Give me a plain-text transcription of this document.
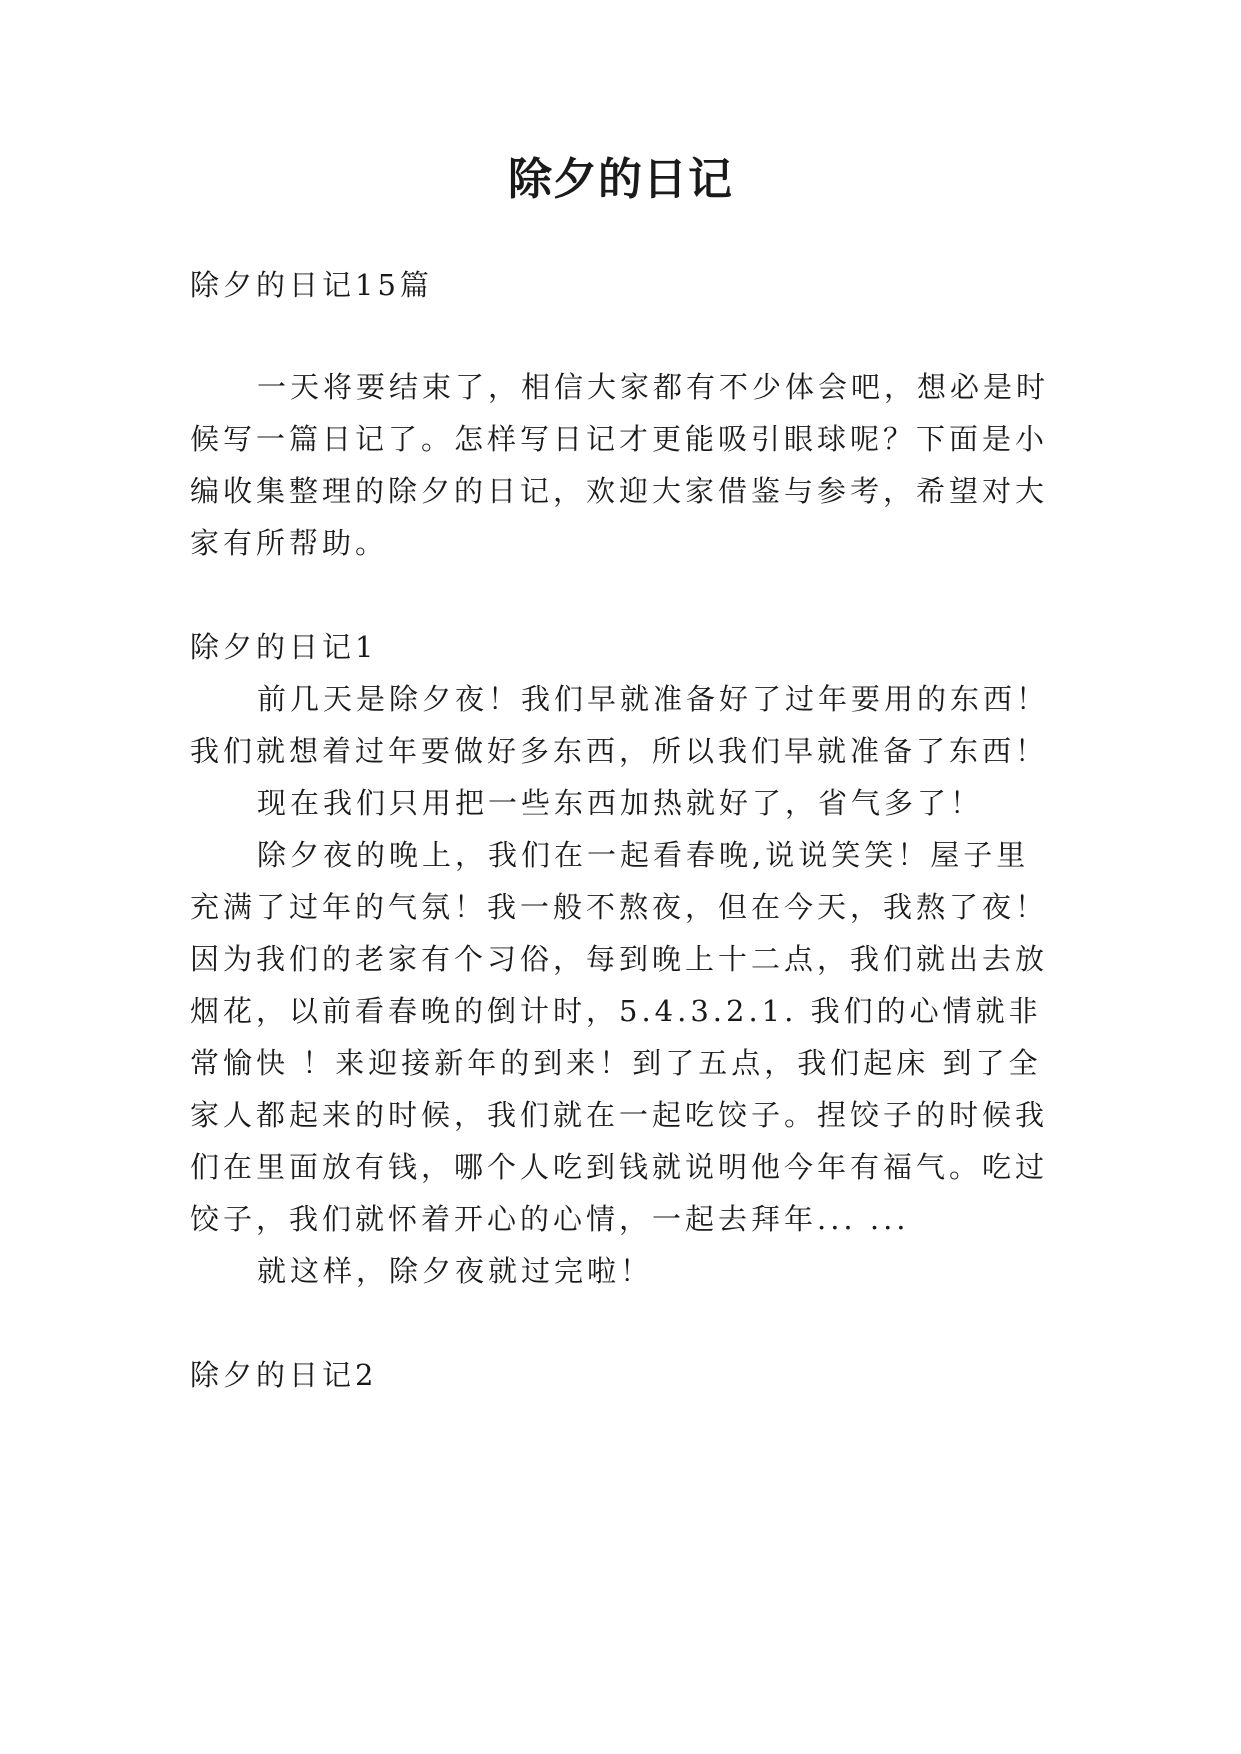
除夕的日记
除夕的日记15篇
一天将要结束了，相信大家都有不少体会吧，想必是时
候写一篇日记了。怎样写日记才更能吸引眼球呢？下面是小
编收集整理的除夕的日记，欢迎大家借鉴与参考，希望对大
家有所帮助。
除夕的日记1
前几天是除夕夜！我们早就准备好了过年要用的东西！
我们就想着过年要做好多东西，所以我们早就准备了东西！
现在我们只用把一些东西加热就好了，省气多了！
除夕夜的晚上，我们在一起看春晚,说说笑笑！屋子里
充满了过年的气氛！我一般不熬夜，但在今天，我熬了夜！
因为我们的老家有个习俗，每到晚上十二点，我们就出去放
烟花，以前看春晚的倒计时，5.4.3.2.1. 我们的心情就非
常愉快 ！来迎接新年的到来！到了五点，我们起床 到了全
家人都起来的时候，我们就在一起吃饺子。捏饺子的时候我
们在里面放有钱，哪个人吃到钱就说明他今年有福气。吃过
饺子，我们就怀着开心的心情，一起去拜年... ...
就这样，除夕夜就过完啦！
除夕的日记2
